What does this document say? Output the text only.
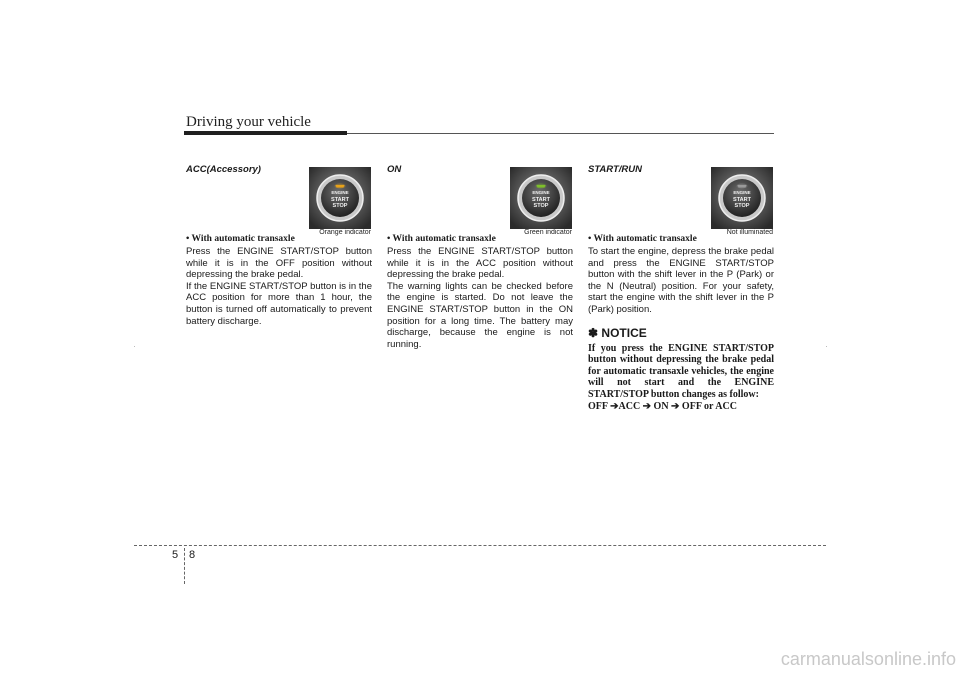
Driving your vehicle

ACC(Accessory)

ENGINE
START
STOP
Orange indicator

• With automatic transaxle

Press the ENGINE START/STOP button while it is in the OFF position without depressing the brake pedal.
If the ENGINE START/STOP button is in the ACC position for more than 1 hour, the button is turned off automatically to prevent battery discharge.

ON

ENGINE
START
STOP
Green indicator

• With automatic transaxle

Press the ENGINE START/STOP button while it is in the ACC position without depressing the brake pedal.
The warning lights can be checked before the engine is started. Do not leave the ENGINE START/STOP button in the ON position for a long time. The battery may discharge, because the engine is not running.

START/RUN

ENGINE
START
STOP
Not illuminated

• With automatic transaxle

To start the engine, depress the brake pedal and press the ENGINE START/STOP button with the shift lever in the P (Park) or the N (Neutral) position. For your safety, start the engine with the shift lever in the P (Park) position.

✽ NOTICE

If you press the ENGINE START/STOP button without depressing the brake pedal for automatic transaxle vehicles, the engine will not start and the ENGINE START/STOP button changes as follow:

OFF ➔ACC ➔ ON ➔ OFF or ACC

5 8
carmanualsonline.info
